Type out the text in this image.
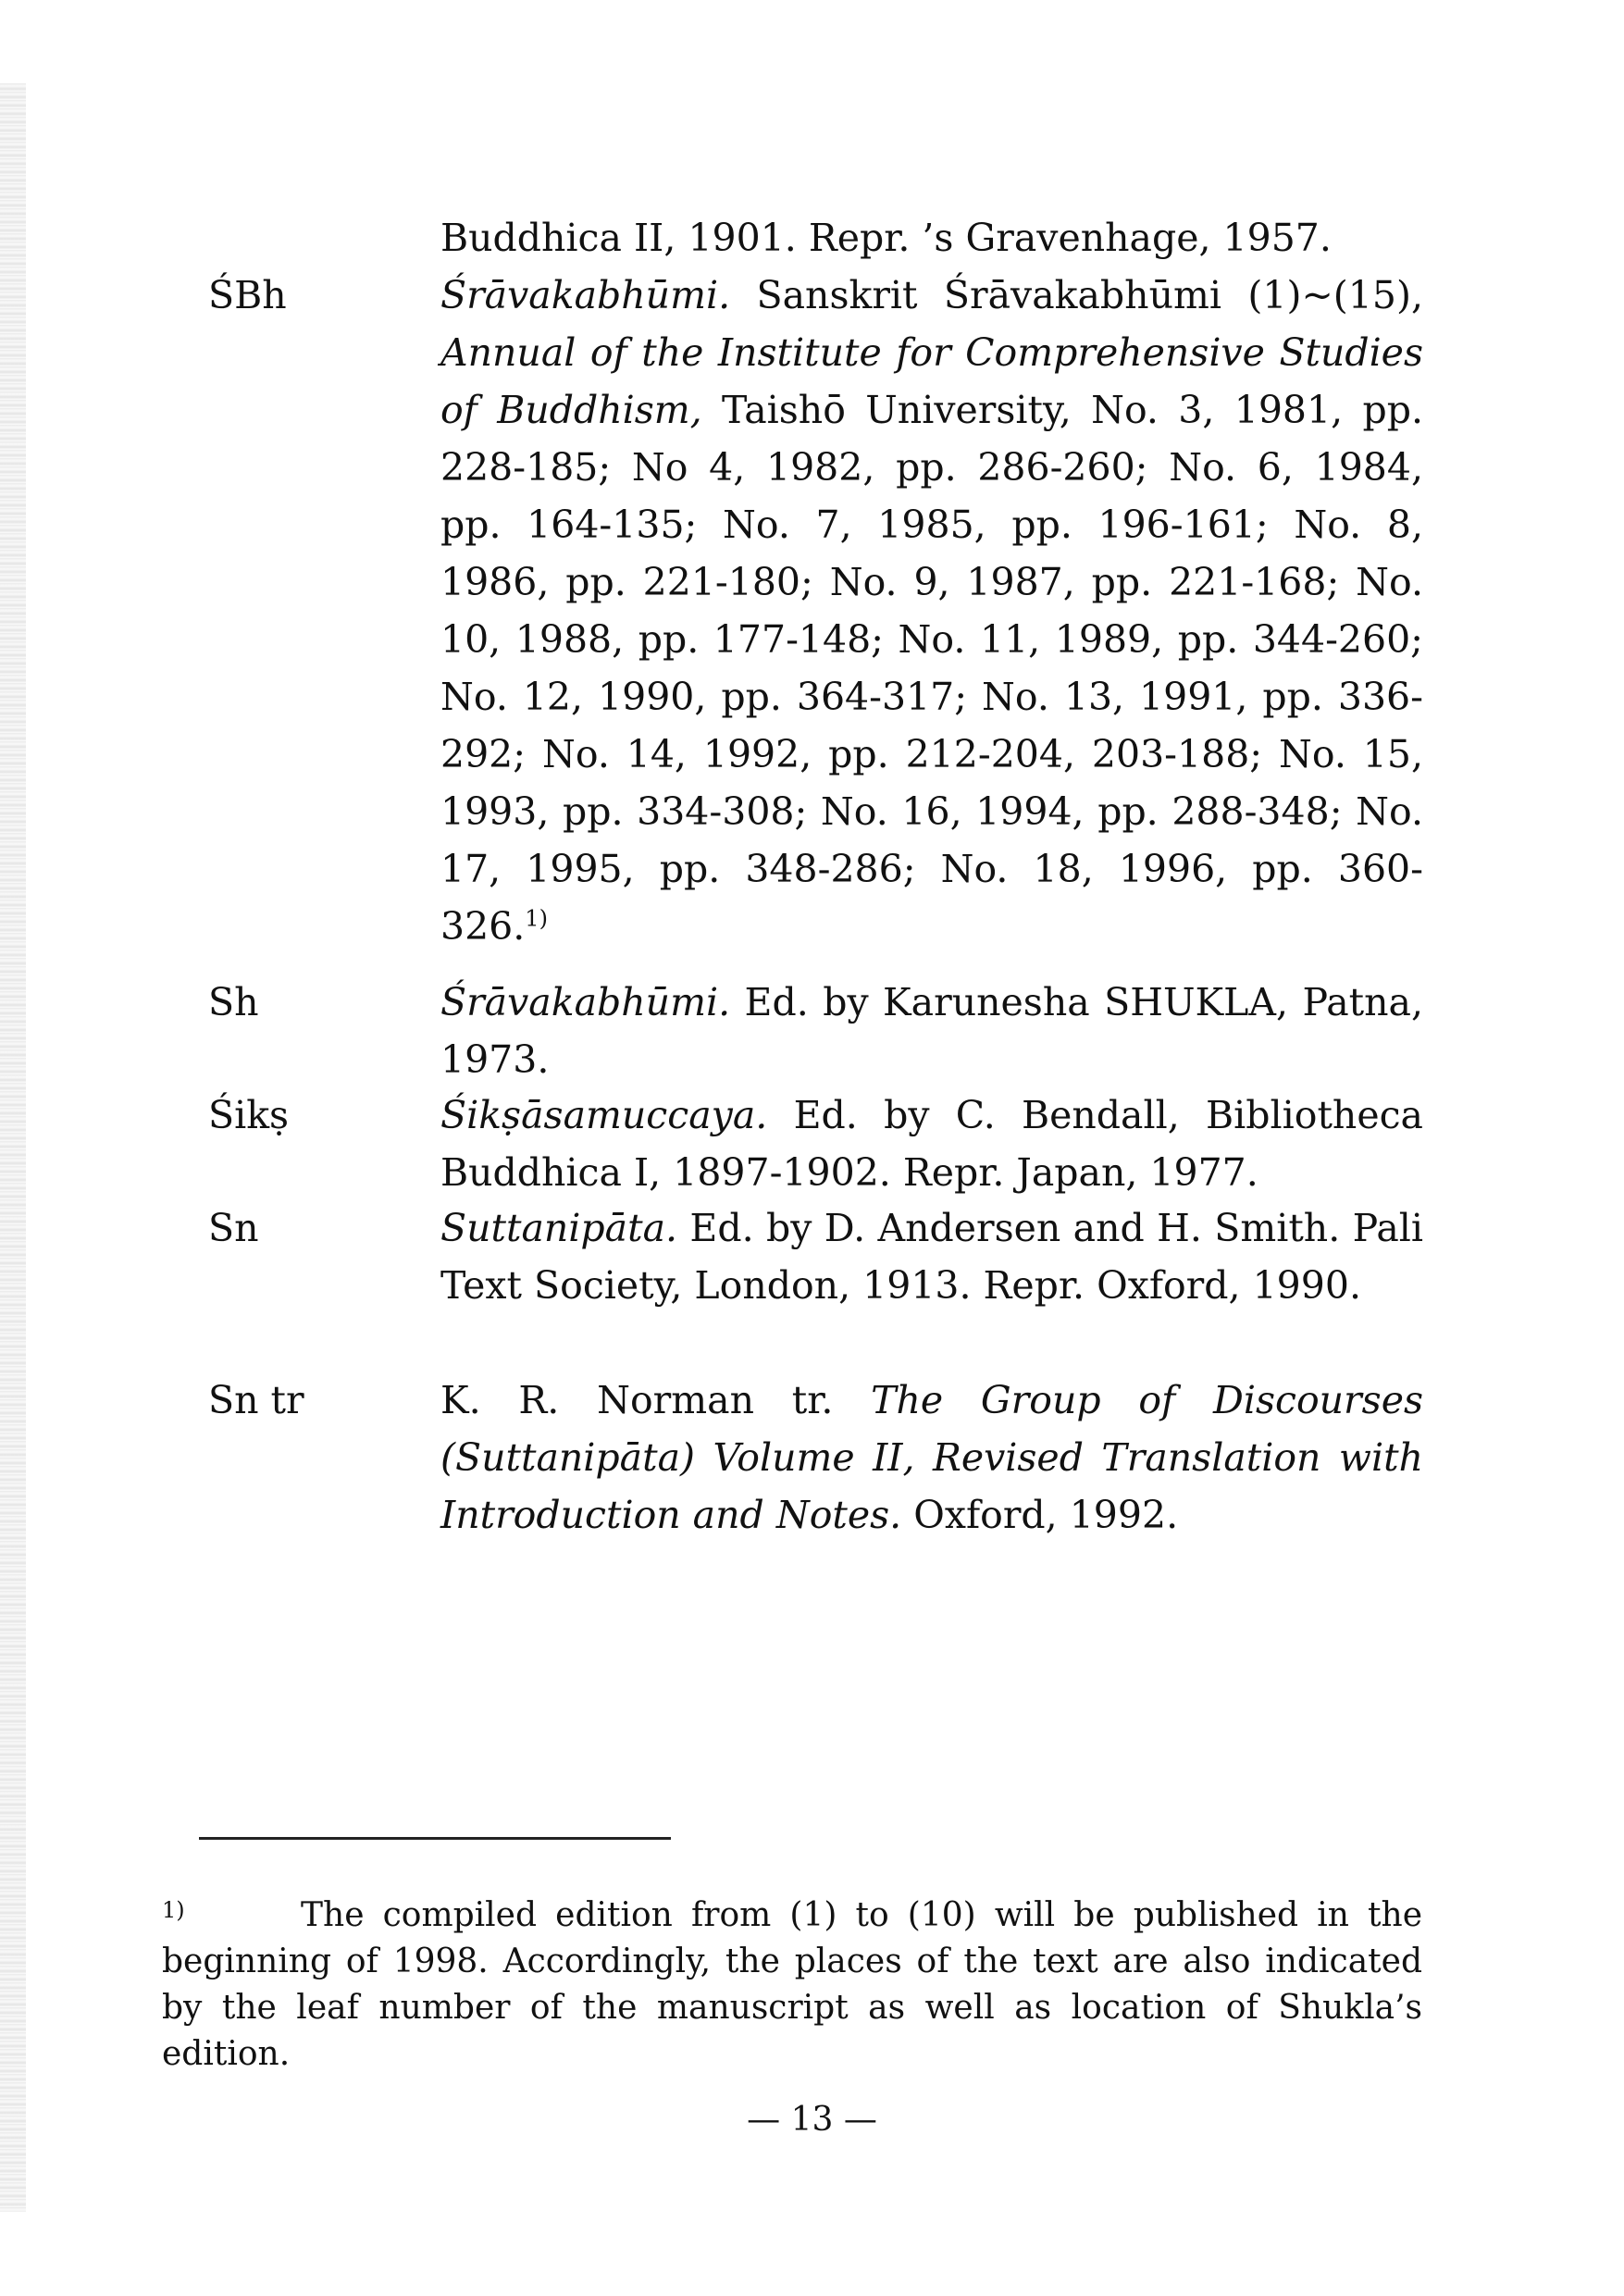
Buddhica II, 1901. Repr. ’s Gravenhage, 1957.
ŚBh	Śrāvakabhūmi. Sanskrit Śrāvakabhūmi (1)~(15), Annual of the Institute for Comprehensive Studies of Buddhism, Taishō University, No. 3, 1981, pp. 228-185; No 4, 1982, pp. 286-260; No. 6, 1984, pp. 164-135; No. 7, 1985, pp. 196-161; No. 8, 1986, pp. 221-180; No. 9, 1987, pp. 221-168; No. 10, 1988, pp. 177-148; No. 11, 1989, pp. 344-260; No. 12, 1990, pp. 364-317; No. 13, 1991, pp. 336-292; No. 14, 1992, pp. 212-204, 203-188; No. 15, 1993, pp. 334-308; No. 16, 1994, pp. 288-348; No. 17, 1995, pp. 348-286; No. 18, 1996, pp. 360-326.$^{1)}$
Sh	Śrāvakabhūmi. Ed. by Karunesha SHUKLA, Patna, 1973.
Śikṣ	Śikṣāsamuccaya. Ed. by C. Bendall, Bibliotheca Buddhica I, 1897-1902. Repr. Japan, 1977.
Sn	Suttanipāta. Ed. by D. Andersen and H. Smith. Pali Text Society, London, 1913. Repr. Oxford, 1990.
Sn tr	K. R. Norman tr. The Group of Discourses (Suttanipāta) Volume II, Revised Translation with Introduction and Notes. Oxford, 1992.
1)	The compiled edition from (1) to (10) will be published in the beginning of 1998. Accordingly, the places of the text are also indicated by the leaf number of the manuscript as well as location of Shukla’s edition.
— 13 —
